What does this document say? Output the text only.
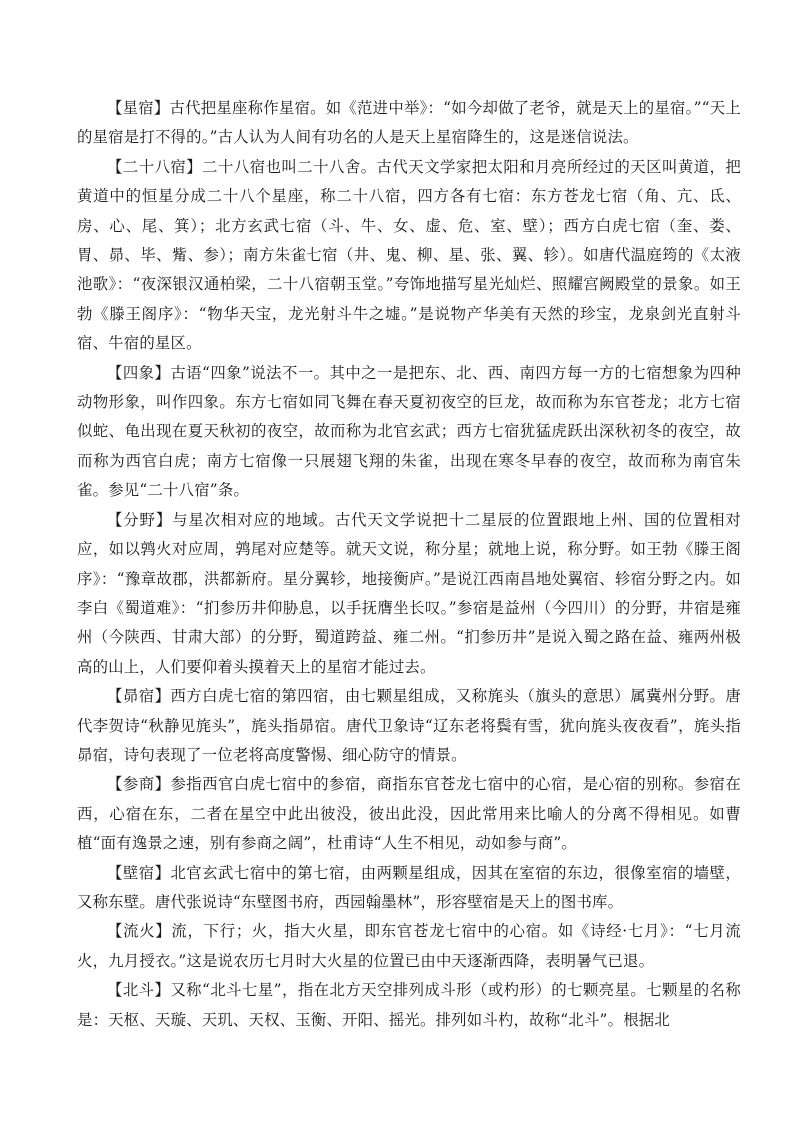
【星宿】古代把星座称作星宿。如《范进中举》：“如今却做了老爷，就是天上的星宿。”“天上的星宿是打不得的。”古人认为人间有功名的人是天上星宿降生的，这是迷信说法。

【二十八宿】二十八宿也叫二十八舍。古代天文学家把太阳和月亮所经过的天区叫黄道，把黄道中的恒星分成二十八个星座，称二十八宿，四方各有七宿：东方苍龙七宿（角、亢、氐、房、心、尾、箕）；北方玄武七宿（斗、牛、女、虚、危、室、壁）；西方白虎七宿（奎、娄、胃、昴、毕、觜、参）；南方朱雀七宿（井、鬼、柳、星、张、翼、轸）。如唐代温庭筠的《太液池歌》：“夜深银汉通柏梁，二十八宿朝玉堂。”夸饰地描写星光灿烂、照耀宫阙殿堂的景象。如王勃《滕王阁序》：“物华天宝，龙光射斗牛之墟。”是说物产华美有天然的珍宝，龙泉剑光直射斗宿、牛宿的星区。

【四象】古语“四象”说法不一。其中之一是把东、北、西、南四方每一方的七宿想象为四种动物形象，叫作四象。东方七宿如同飞舞在春天夏初夜空的巨龙，故而称为东官苍龙；北方七宿似蛇、龟出现在夏天秋初的夜空，故而称为北官玄武；西方七宿犹猛虎跃出深秋初冬的夜空，故而称为西官白虎；南方七宿像一只展翅飞翔的朱雀，出现在寒冬早春的夜空，故而称为南官朱雀。参见“二十八宿”条。

【分野】与星次相对应的地域。古代天文学说把十二星辰的位置跟地上州、国的位置相对应，如以鹑火对应周，鹑尾对应楚等。就天文说，称分星；就地上说，称分野。如王勃《滕王阁序》：“豫章故郡，洪都新府。星分翼轸，地接衡庐。”是说江西南昌地处翼宿、轸宿分野之内。如李白《蜀道难》：“扪参历井仰胁息，以手抚膺坐长叹。”参宿是益州（今四川）的分野，井宿是雍州（今陕西、甘肃大部）的分野，蜀道跨益、雍二州。“扪参历井”是说入蜀之路在益、雍两州极高的山上，人们要仰着头摸着天上的星宿才能过去。

【昴宿】西方白虎七宿的第四宿，由七颗星组成，又称旄头（旗头的意思）属冀州分野。唐代李贺诗“秋静见旄头”，旄头指昴宿。唐代卫象诗“辽东老将鬓有雪，犹向旄头夜夜看”，旄头指昴宿，诗句表现了一位老将高度警惕、细心防守的情景。

【参商】参指西官白虎七宿中的参宿，商指东官苍龙七宿中的心宿，是心宿的别称。参宿在西，心宿在东，二者在星空中此出彼没，彼出此没，因此常用来比喻人的分离不得相见。如曹植“面有逸景之速，别有参商之阔”，杜甫诗“人生不相见，动如参与商”。

【壁宿】北官玄武七宿中的第七宿，由两颗星组成，因其在室宿的东边，很像室宿的墙壁，又称东壁。唐代张说诗“东壁图书府，西园翰墨林”，形容壁宿是天上的图书库。

【流火】流，下行；火，指大火星，即东官苍龙七宿中的心宿。如《诗经·七月》：“七月流火，九月授衣。”这是说农历七月时大火星的位置已由中天逐渐西降，表明暑气已退。

【北斗】又称“北斗七星”，指在北方天空排列成斗形（或杓形）的七颗亮星。七颗星的名称是：天枢、天璇、天玑、天权、玉衡、开阳、摇光。排列如斗杓，故称“北斗”。根据北
